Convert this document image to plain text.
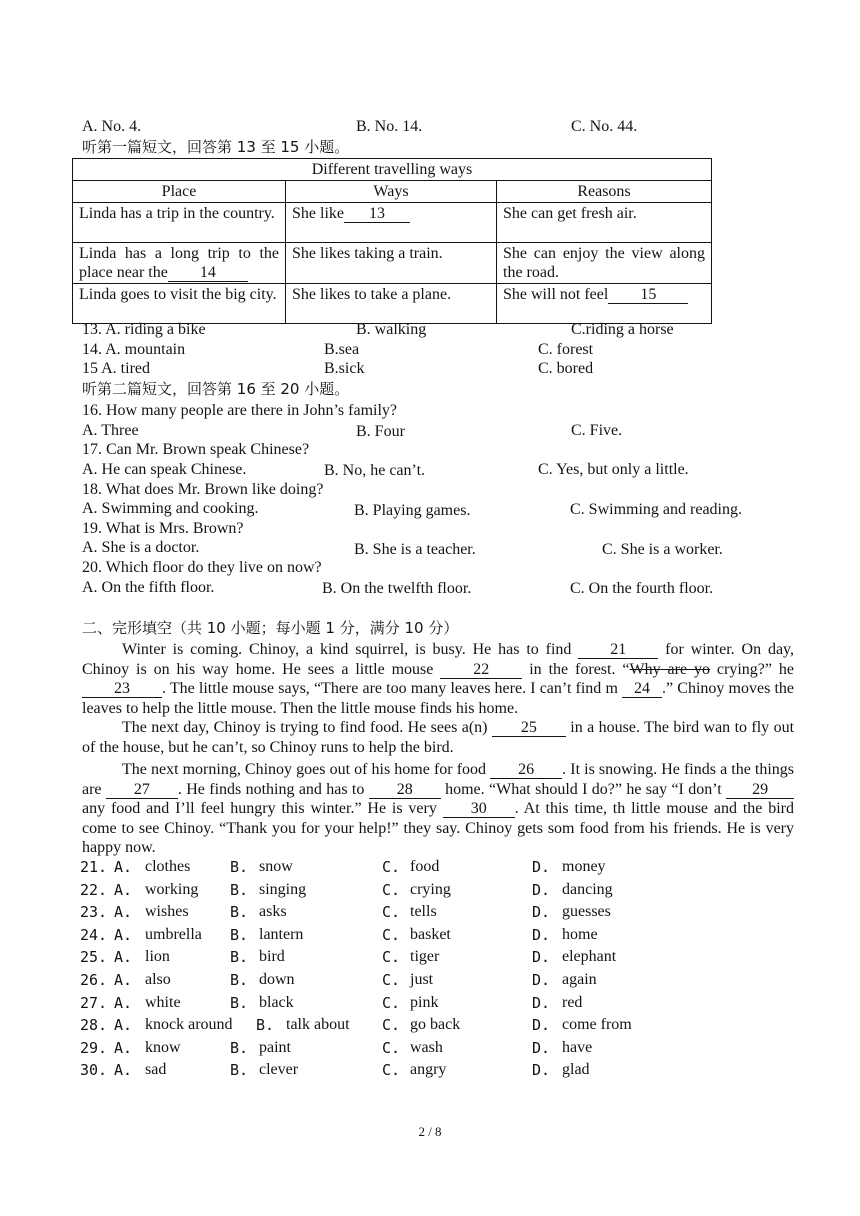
A. No. 4.	B. No. 14.	C. No. 44.
听第一篇短文，回答第 13 至 15 小题。
Different travelling ways		
Place	Ways	Reasons
Linda has a trip in the country.	She like 13	She can get fresh air.
Linda has a long trip to the place near the 14	She likes taking a train.	She can enjoy the view along the road.
Linda goes to visit the big city.	She likes to take a plane.	She will not feel 15
13. A. riding a bike	B. walking	C.riding a horse
14. A. mountain	B.sea	C. forest
15 A. tired	B.sick	C. bored
听第二篇短文，回答第 16 至 20 小题。
16. How many people are there in John’s family?
A. Three	B. Four	C. Five.
17. Can Mr. Brown speak Chinese?
A. He can speak Chinese.	B. No, he can’t.	C. Yes, but only a little.
18. What does Mr. Brown like doing?
A. Swimming and cooking.	B. Playing games.	C. Swimming and reading.
19. What is Mrs. Brown?
A. She is a doctor.	B. She is a teacher.	C. She is a worker.
20. Which floor do they live on now?
A. On the fifth floor.	B. On the twelfth floor.	C. On the fourth floor.
二、完形填空（共 10 小题；每小题 1 分，满分 10 分）
Winter is coming. Chinoy, a kind squirrel, is busy. He has to find 21 for winter. On day, Chinoy is on his way home. He sees a little mouse 22 in the forest. “Why are yo crying?” he 23 . The little mouse says, “There are too many leaves here. I can’t find m 24 .” Chinoy moves the leaves to help the little mouse. Then the little mouse finds his home.
The next day, Chinoy is trying to find food. He sees a(n) 25 in a house. The bird wan to fly out of the house, but he can’t, so Chinoy runs to help the bird.
The next morning, Chinoy goes out of his home for food 26 . It is snowing. He finds a the things are 27 . He finds nothing and has to 28 home. “What should I do?” he say “I don’t 29 any food and I’ll feel hungry this winter.” He is very 30 . At this time, th little mouse and the bird come to see Chinoy. “Thank you for your help!” they say. Chinoy gets som food from his friends. He is very happy now.
21. A. clothes	B. snow	C. food	D. money
22. A. working B. singing	C. crying	D. dancing
23. A. wishes	B. asks	C. tells	D. guesses
24. A. umbrella B. lantern	C. basket	D. home
25. A. lion	B. bird	C. tiger	D. elephant
26. A. also	B. down	C. just	D. again
27. A. white	B. black	C. pink	D. red
28. A. knock around B. talk about C. go back	D. come from
29. A. know	B. paint	C. wash	D. have
30. A. sad	B. clever	C. angry	D. glad
2 / 8
